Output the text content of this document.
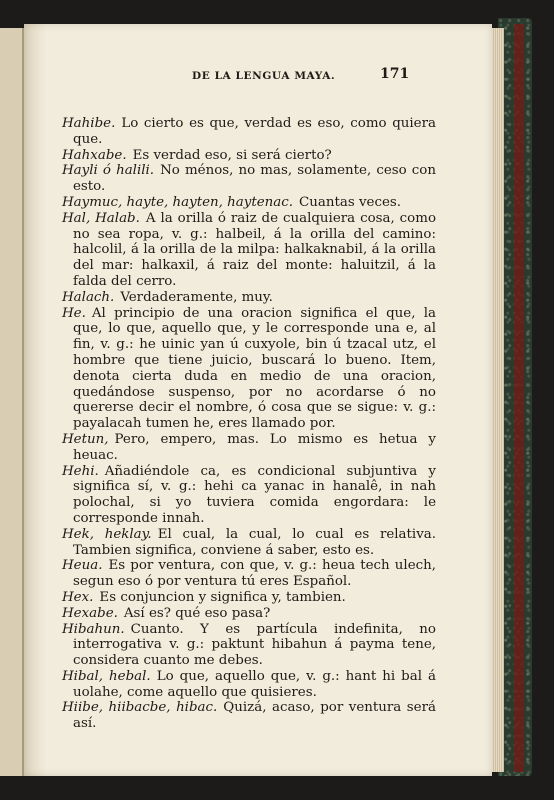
DE LA LENGUA MAYA.	171

Hahibe. Lo cierto es que, verdad es eso, como quiera que.

Hahxabe. Es verdad eso, si será cierto?

Hayli ó halili. No ménos, no mas, solamente, ceso con esto.

Haymuc, hayte, hayten, haytenac. Cuantas veces.

Hal, Halab. A la orilla ó raiz de cualquiera cosa, como no sea ropa, v. g.: halbeil, á la orilla del camino: halcolil, á la orilla de la milpa: halkaknabil, á la orilla del mar: halkaxil, á raiz del monte: haluitzil, á la falda del cerro.

Halach. Verdaderamente, muy.

He. Al principio de una oracion significa el que, la que, lo que, aquello que, y le corresponde una e, al fin, v. g.: he uinic yan ú cuxyole, bin ú tzacal utz, el hombre que tiene juicio, buscará lo bueno. Item, denota cierta duda en medio de una oracion, quedándose suspenso, por no acordarse ó no quererse decir el nombre, ó cosa que se sigue: v. g.: payalacah tumen he, eres llamado por.

Hetun, Pero, empero, mas. Lo mismo es hetua y heuac.

Hehi. Añadiéndole ca, es condicional subjuntiva y significa sí, v. g.: hehi ca yanac in hanalê, in nah polochal, si yo tuviera comida engordara: le corresponde innah.

Hek, heklay. El cual, la cual, lo cual es relativa. Tambien significa, conviene á saber, esto es.

Heua. Es por ventura, con que, v. g.: heua tech ulech, segun eso ó por ventura tú eres Español.

Hex. Es conjuncion y significa y, tambien.

Hexabe. Así es? qué eso pasa?

Hibahun. Cuanto. Y es partícula indefinita, no interrogativa v. g.: paktunt hibahun á payma tene, considera cuanto me debes.

Hibal, hebal. Lo que, aquello que, v. g.: hant hi bal á uolahe, come aquello que quisieres.

Hiibe, hiibacbe, hibac. Quizá, acaso, por ventura será así.
